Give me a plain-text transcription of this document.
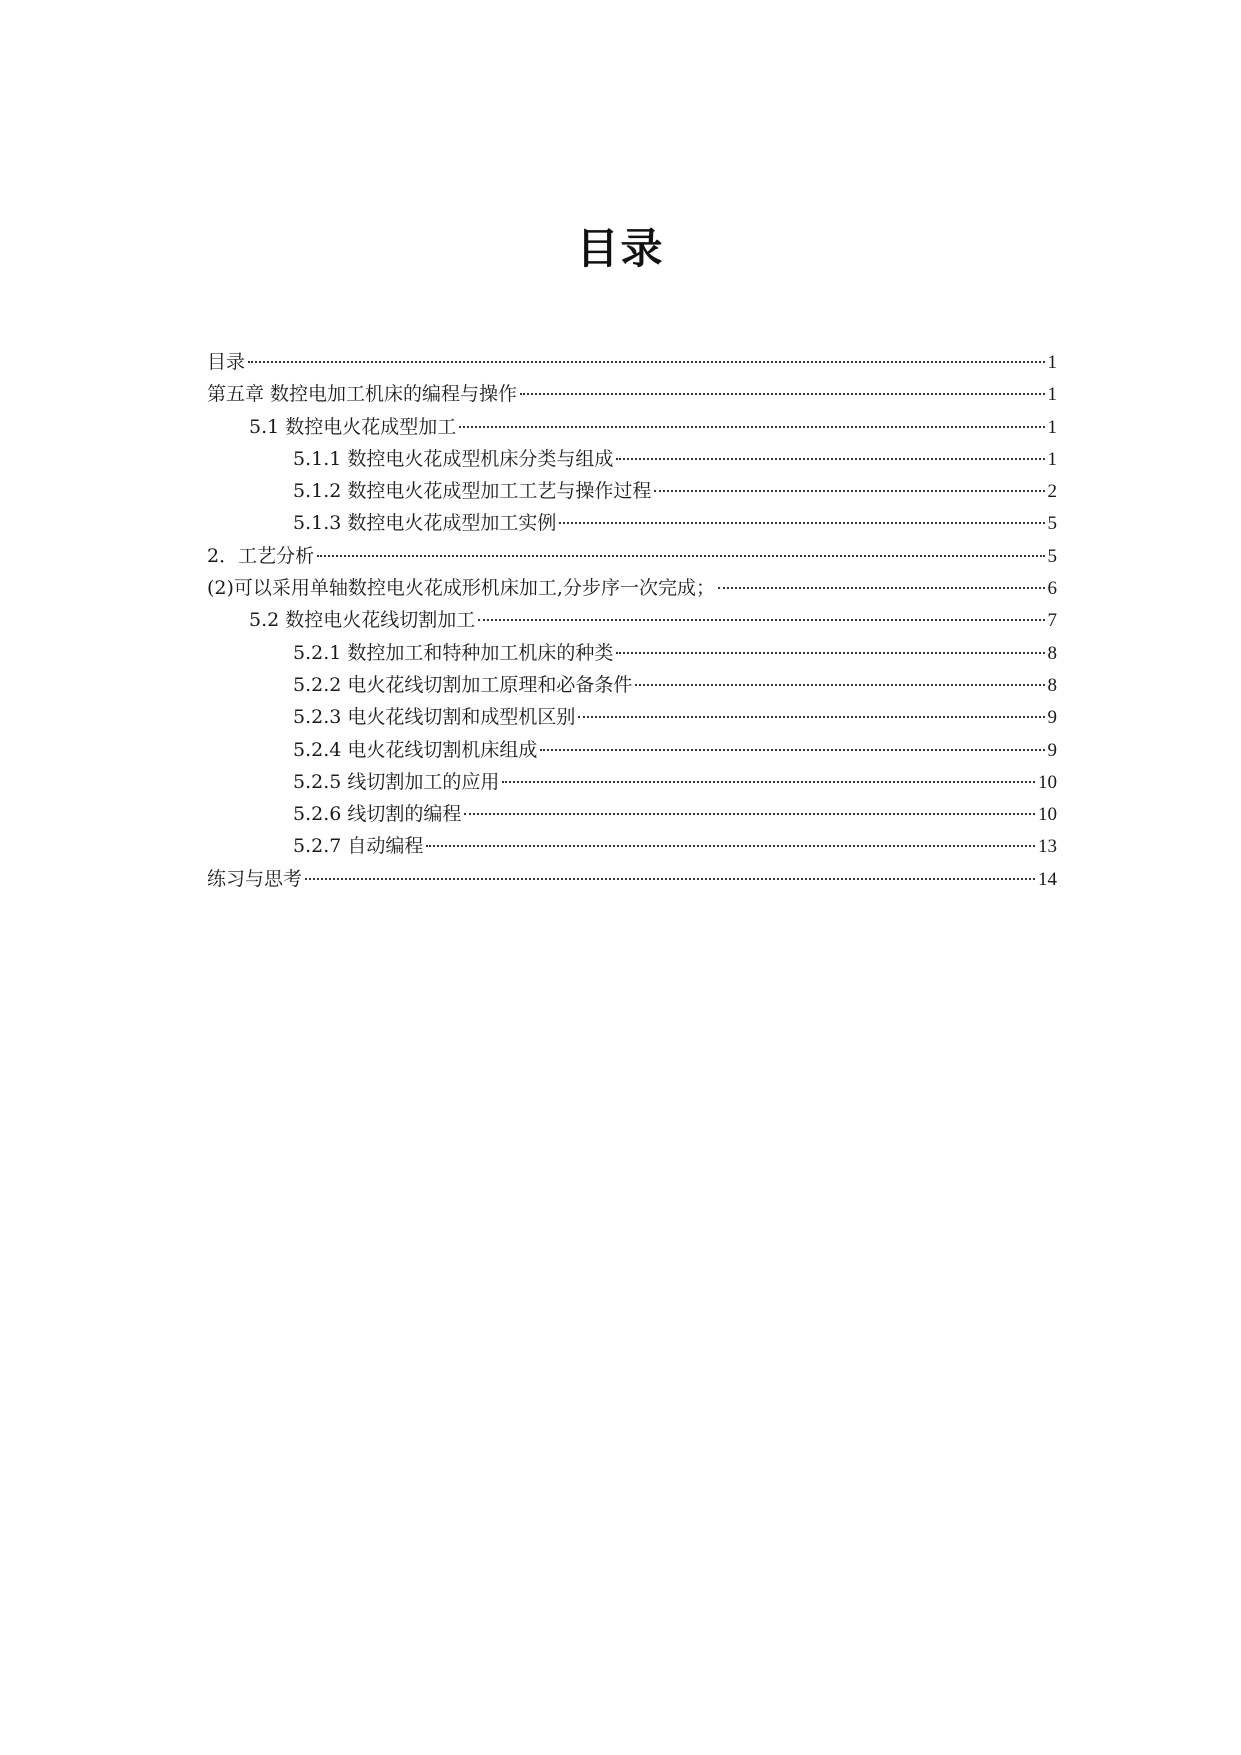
目录
目录	1
第五章 数控电加工机床的编程与操作	1
5.1 数控电火花成型加工	1
5.1.1 数控电火花成型机床分类与组成	1
5.1.2 数控电火花成型加工工艺与操作过程	2
5.1.3 数控电火花成型加工实例	5
2．工艺分析	5
(2)可以采用单轴数控电火花成形机床加工,分步序一次完成；	6
5.2 数控电火花线切割加工	7
5.2.1 数控加工和特种加工机床的种类	8
5.2.2 电火花线切割加工原理和必备条件	8
5.2.3 电火花线切割和成型机区别	9
5.2.4 电火花线切割机床组成	9
5.2.5 线切割加工的应用	10
5.2.6 线切割的编程	10
5.2.7 自动编程	13
练习与思考	14
